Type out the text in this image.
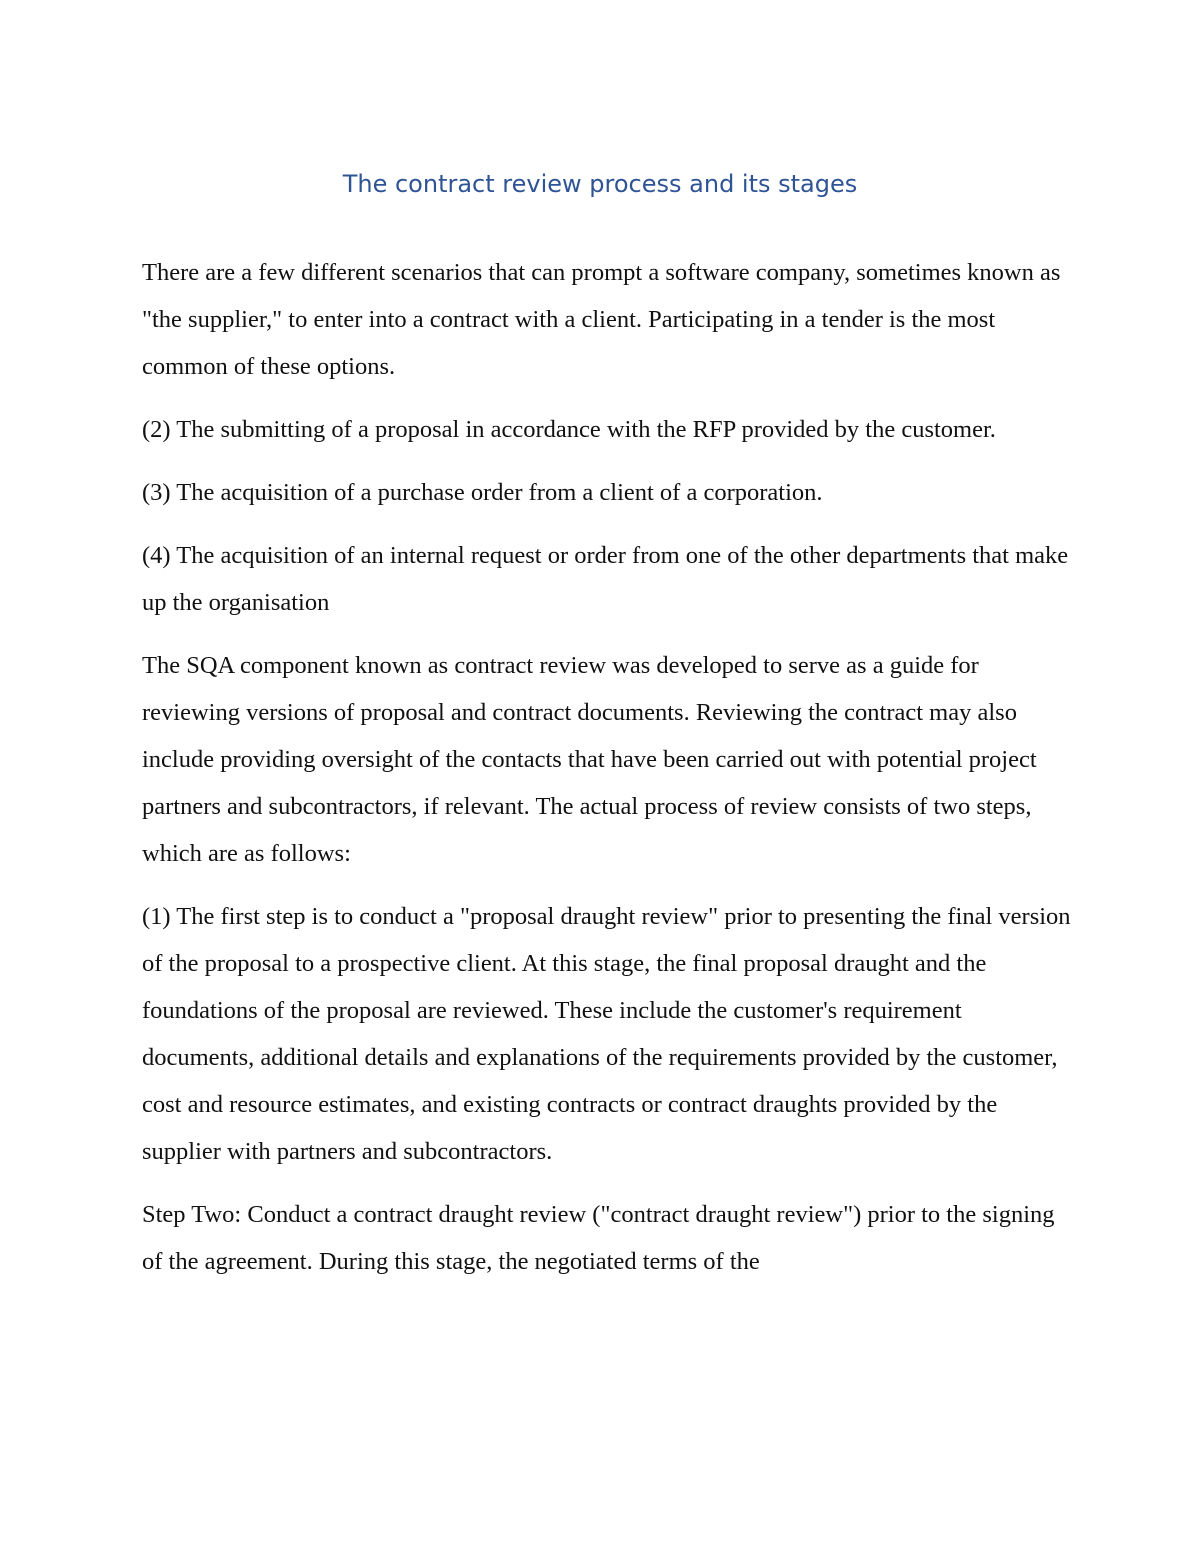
The contract review process and its stages

There are a few different scenarios that can prompt a software company, sometimes known as "the supplier," to enter into a contract with a client. Participating in a tender is the most common of these options.

(2) The submitting of a proposal in accordance with the RFP provided by the customer.

(3) The acquisition of a purchase order from a client of a corporation.

(4) The acquisition of an internal request or order from one of the other departments that make up the organisation

The SQA component known as contract review was developed to serve as a guide for reviewing versions of proposal and contract documents. Reviewing the contract may also include providing oversight of the contacts that have been carried out with potential project partners and subcontractors, if relevant. The actual process of review consists of two steps, which are as follows:

(1) The first step is to conduct a "proposal draught review" prior to presenting the final version of the proposal to a prospective client. At this stage, the final proposal draught and the foundations of the proposal are reviewed. These include the customer's requirement documents, additional details and explanations of the requirements provided by the customer, cost and resource estimates, and existing contracts or contract draughts provided by the supplier with partners and subcontractors.

Step Two: Conduct a contract draught review ("contract draught review") prior to the signing of the agreement. During this stage, the negotiated terms of the
